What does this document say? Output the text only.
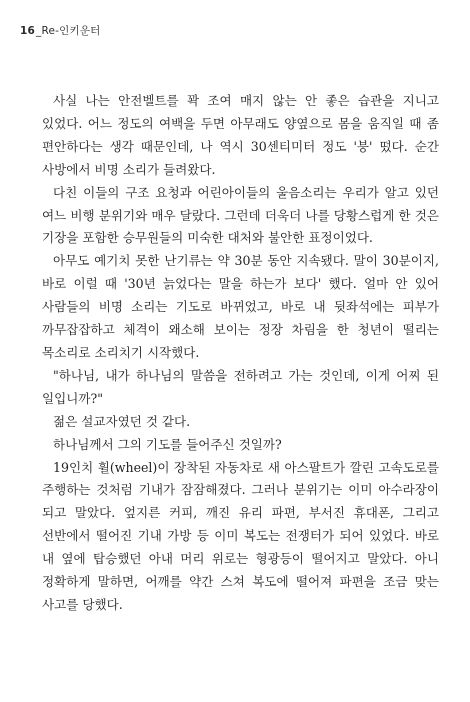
16_Re-인키운터

사실 나는 안전벨트를 꽉 조여 매지 않는 안 좋은 습관을 지니고 있었다. 어느 정도의 여백을 두면 아무래도 양옆으로 몸을 움직일 때 좀 편안하다는 생각 때문인데, 나 역시 30센티미터 정도 '붕' 떴다. 순간 사방에서 비명 소리가 들려왔다.

다친 이들의 구조 요청과 어린아이들의 울음소리는 우리가 알고 있던 여느 비행 분위기와 매우 달랐다. 그런데 더욱더 나를 당황스럽게 한 것은 기장을 포함한 승무원들의 미숙한 대처와 불안한 표정이었다.

아무도 예기치 못한 난기류는 약 30분 동안 지속됐다. 말이 30분이지, 바로 이럴 때 '30년 늙었다는 말을 하는가 보다' 했다. 얼마 안 있어 사람들의 비명 소리는 기도로 바뀌었고, 바로 내 뒷좌석에는 피부가 까무잡잡하고 체격이 왜소해 보이는 정장 차림을 한 청년이 떨리는 목소리로 소리치기 시작했다.

"하나님, 내가 하나님의 말씀을 전하려고 가는 것인데, 이게 어찌 된 일입니까?"

젊은 설교자였던 것 같다.

하나님께서 그의 기도를 들어주신 것일까?

19인치 휠(wheel)이 장착된 자동차로 새 아스팔트가 깔린 고속도로를 주행하는 것처럼 기내가 잠잠해졌다. 그러나 분위기는 이미 아수라장이 되고 말았다. 엎지른 커피, 깨진 유리 파편, 부서진 휴대폰, 그리고 선반에서 떨어진 기내 가방 등 이미 복도는 전쟁터가 되어 있었다. 바로 내 옆에 탑승했던 아내 머리 위로는 형광등이 떨어지고 말았다. 아니 정확하게 말하면, 어깨를 약간 스쳐 복도에 떨어져 파편을 조금 맞는 사고를 당했다.
